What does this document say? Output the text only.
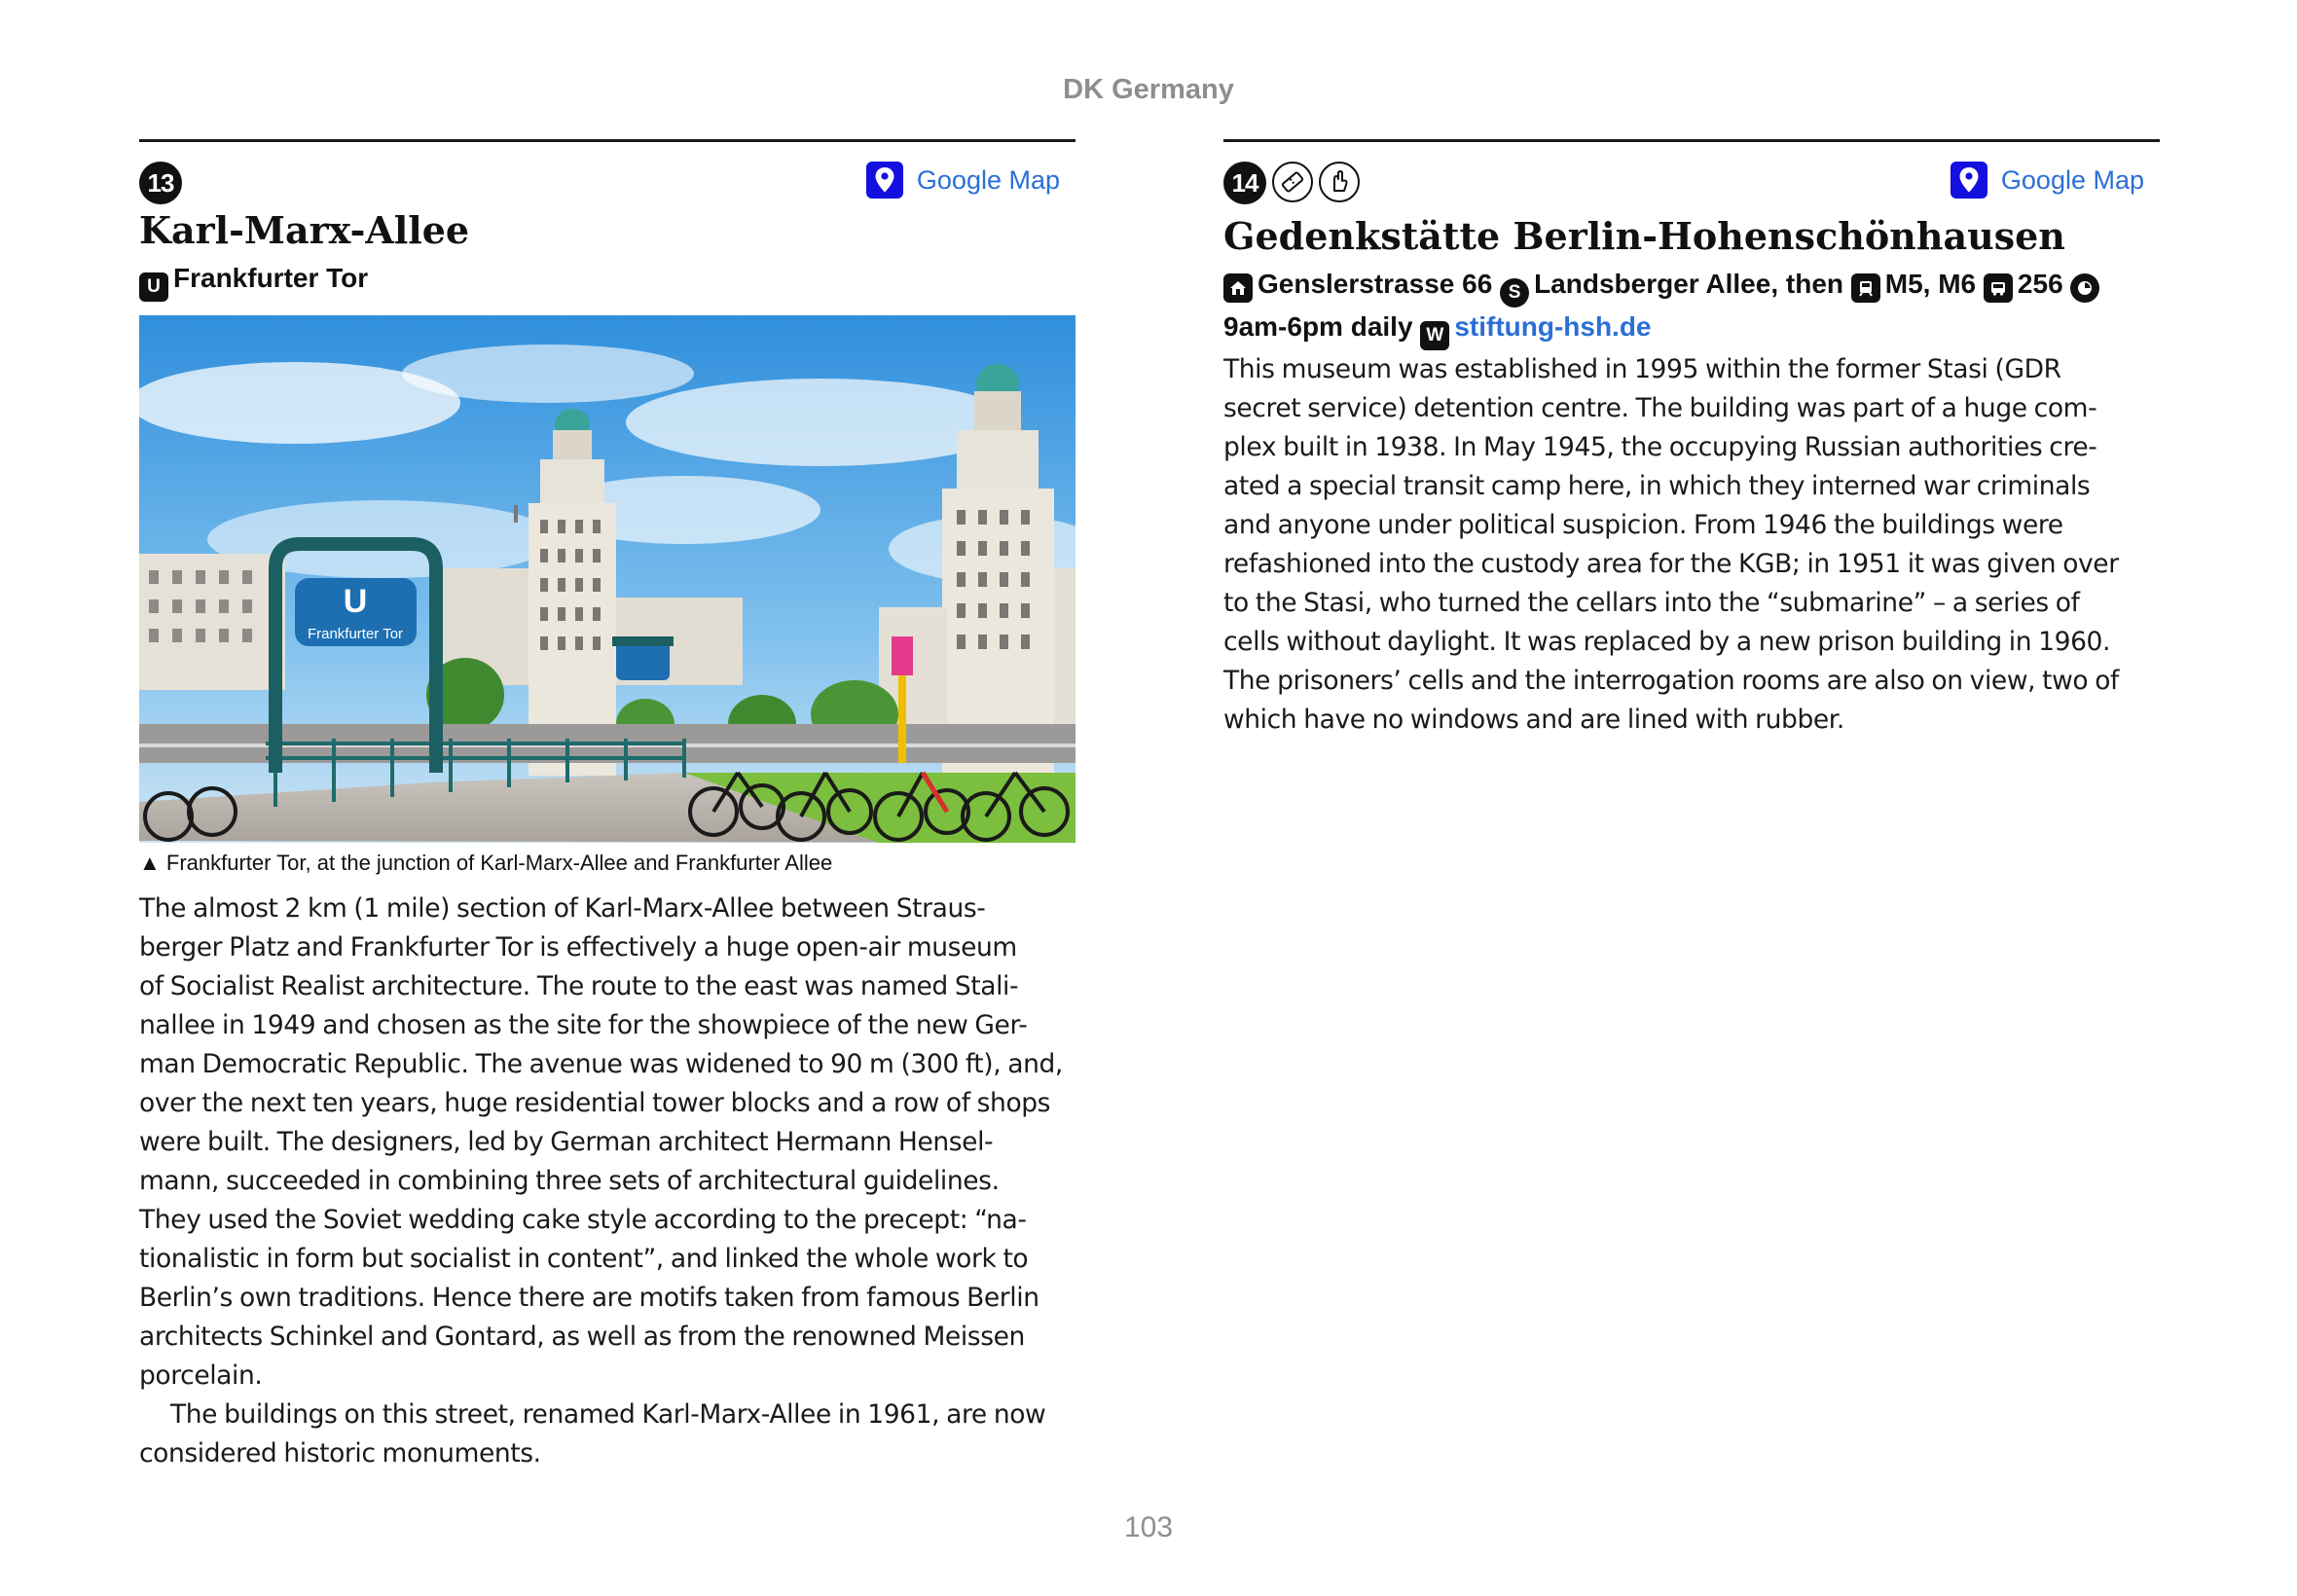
DK Germany
13	Google Map
Karl-Marx-Allee
U Frankfurter Tor
U
Frankfurter Tor
▲ Frankfurter Tor, at the junction of Karl-Marx-Allee and Frankfurter Allee
The almost 2 km (1 mile) section of Karl-Marx-Allee between Straus-
berger Platz and Frankfurter Tor is effectively a huge open-air museum
of Socialist Realist architecture. The route to the east was named Stali-
nallee in 1949 and chosen as the site for the showpiece of the new Ger-
man Democratic Republic. The avenue was widened to 90 m (300 ft), and,
over the next ten years, huge residential tower blocks and a row of shops
were built. The designers, led by German architect Hermann Hensel-
mann, succeeded in combining three sets of architectural guidelines.
They used the Soviet wedding cake style according to the precept: “na-
tionalistic in form but socialist in content”, and linked the whole work to
Berlin’s own traditions. Hence there are motifs taken from famous Berlin
architects Schinkel and Gontard, as well as from the renowned Meissen
porcelain.
The buildings on this street, renamed Karl-Marx-Allee in 1961, are now
considered historic monuments.
14	Google Map
Gedenkstätte Berlin-Hohenschönhausen
Genslerstrasse 66 S Landsberger Allee, then M5, M6 256

9am-6pm daily W stiftung-hsh.de
This museum was established in 1995 within the former Stasi (GDR
secret service) detention centre. The building was part of a huge com-
plex built in 1938. In May 1945, the occupying Russian authorities cre-
ated a special transit camp here, in which they interned war criminals
and anyone under political suspicion. From 1946 the buildings were
refashioned into the custody area for the KGB; in 1951 it was given over
to the Stasi, who turned the cellars into the “submarine” – a series of
cells without daylight. It was replaced by a new prison building in 1960.
The prisoners’ cells and the interrogation rooms are also on view, two of
which have no windows and are lined with rubber.
103
